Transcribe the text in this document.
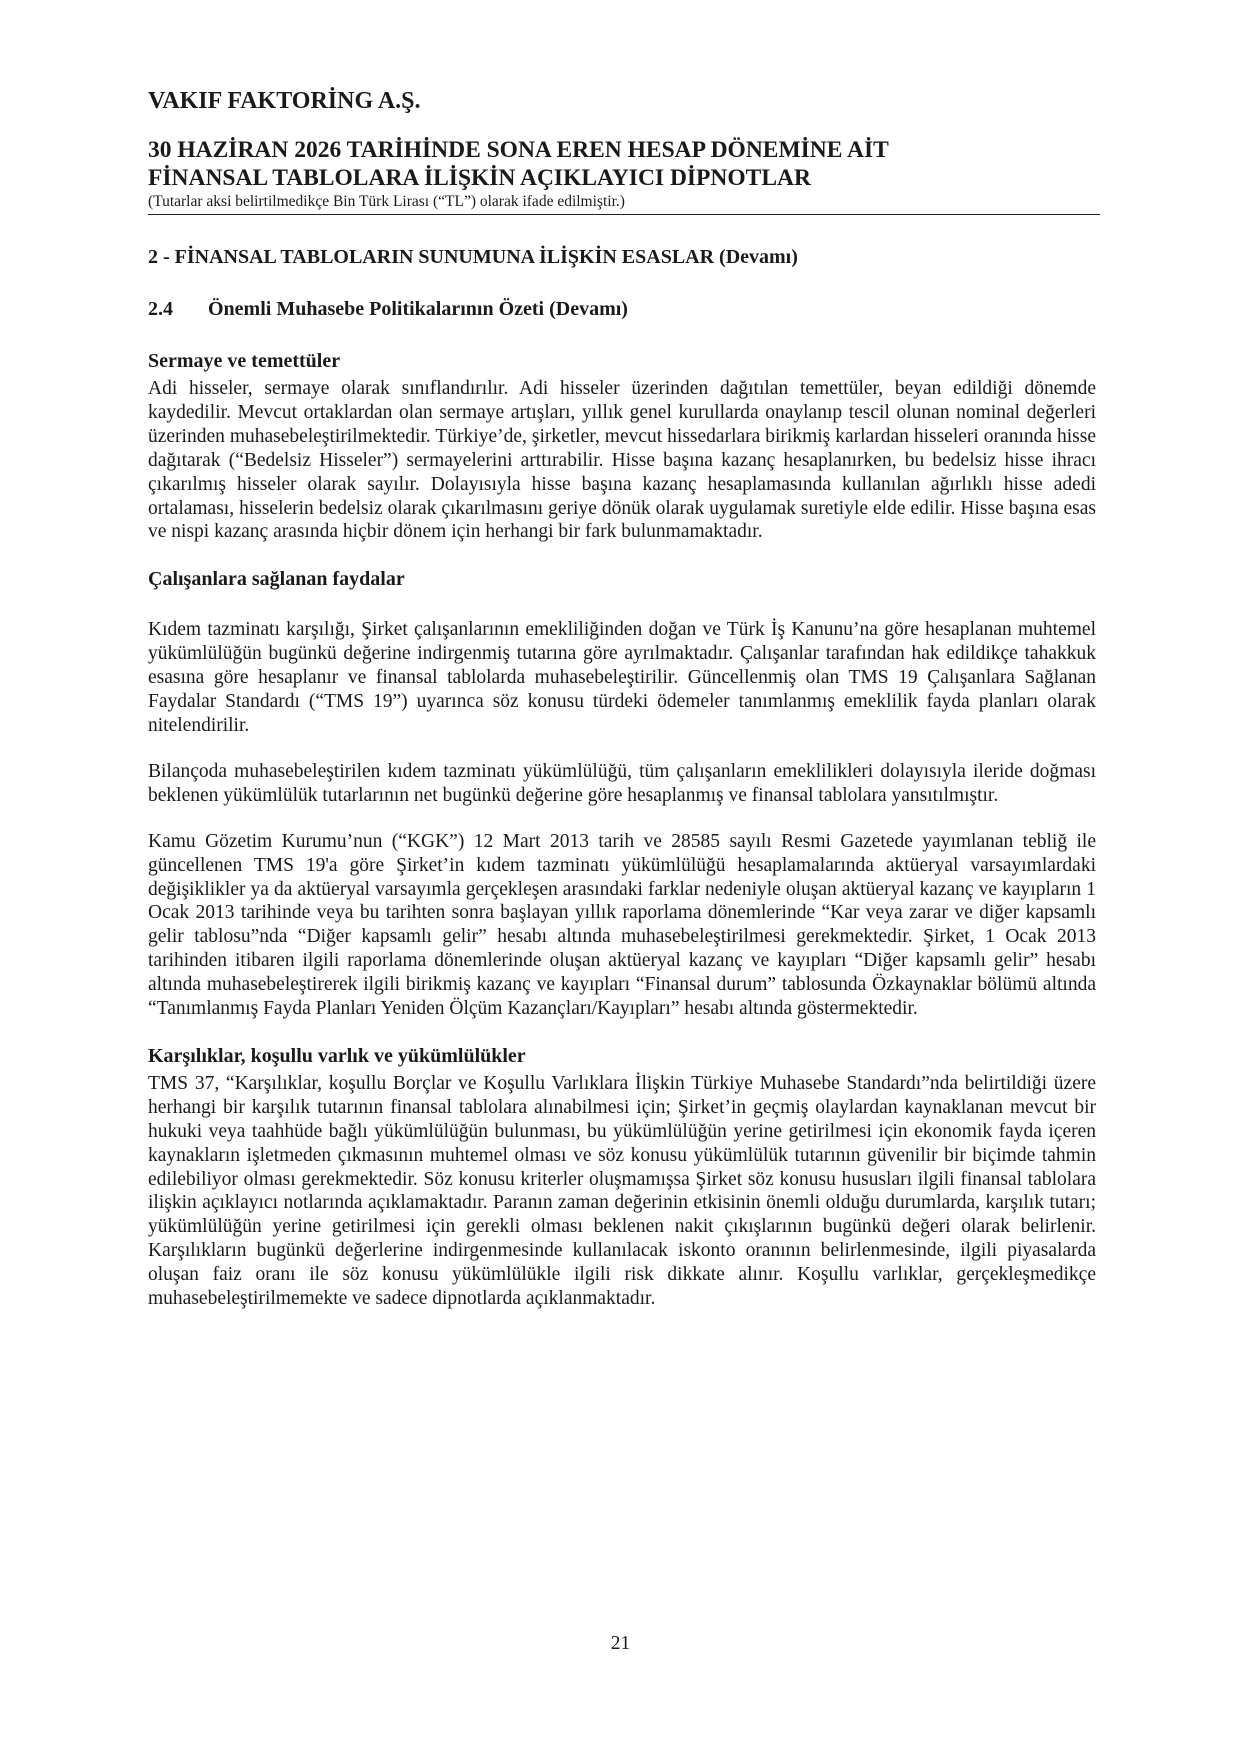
VAKIF FAKTORİNG A.Ş.
30 HAZİRAN 2026 TARİHİNDE SONA EREN HESAP DÖNEMİNE AİT
FİNANSAL TABLOLARA İLİŞKİN AÇIKLAYICI DİPNOTLAR
(Tutarlar aksi belirtilmedikçe Bin Türk Lirası (“TL”) olarak ifade edilmiştir.)
2 - FİNANSAL TABLOLARIN SUNUMUNA İLİŞKİN ESASLAR (Devamı)
2.4 Önemli Muhasebe Politikalarının Özeti (Devamı)
Sermaye ve temettüler

Adi hisseler, sermaye olarak sınıflandırılır. Adi hisseler üzerinden dağıtılan temettüler, beyan edildiği dönemde kaydedilir. Mevcut ortaklardan olan sermaye artışları, yıllık genel kurullarda onaylanıp tescil olunan nominal değerleri üzerinden muhasebeleştirilmektedir. Türkiye’de, şirketler, mevcut hissedarlara birikmiş karlardan hisseleri oranında hisse dağıtarak (“Bedelsiz Hisseler”) sermayelerini arttırabilir. Hisse başına kazanç hesaplanırken, bu bedelsiz hisse ihracı çıkarılmış hisseler olarak sayılır. Dolayısıyla hisse başına kazanç hesaplamasında kullanılan ağırlıklı hisse adedi ortalaması, hisselerin bedelsiz olarak çıkarılmasını geriye dönük olarak uygulamak suretiyle elde edilir. Hisse başına esas ve nispi kazanç arasında hiçbir dönem için herhangi bir fark bulunmamaktadır.

Çalışanlara sağlanan faydalar

Kıdem tazminatı karşılığı, Şirket çalışanlarının emekliliğinden doğan ve Türk İş Kanunu’na göre hesaplanan muhtemel yükümlülüğün bugünkü değerine indirgenmiş tutarına göre ayrılmaktadır. Çalışanlar tarafından hak edildikçe tahakkuk esasına göre hesaplanır ve finansal tablolarda muhasebeleştirilir. Güncellenmiş olan TMS 19 Çalışanlara Sağlanan Faydalar Standardı (“TMS 19”) uyarınca söz konusu türdeki ödemeler tanımlanmış emeklilik fayda planları olarak nitelendirilir.

Bilançoda muhasebeleştirilen kıdem tazminatı yükümlülüğü, tüm çalışanların emeklilikleri dolayısıyla ileride doğması beklenen yükümlülük tutarlarının net bugünkü değerine göre hesaplanmış ve finansal tablolara yansıtılmıştır.

Kamu Gözetim Kurumu’nun (“KGK”) 12 Mart 2013 tarih ve 28585 sayılı Resmi Gazetede yayımlanan tebliğ ile güncellenen TMS 19'a göre Şirket’in kıdem tazminatı yükümlülüğü hesaplamalarında aktüeryal varsayımlardaki değişiklikler ya da aktüeryal varsayımla gerçekleşen arasındaki farklar nedeniyle oluşan aktüeryal kazanç ve kayıpların 1 Ocak 2013 tarihinde veya bu tarihten sonra başlayan yıllık raporlama dönemlerinde “Kar veya zarar ve diğer kapsamlı gelir tablosu”nda “Diğer kapsamlı gelir” hesabı altında muhasebeleştirilmesi gerekmektedir. Şirket, 1 Ocak 2013 tarihinden itibaren ilgili raporlama dönemlerinde oluşan aktüeryal kazanç ve kayıpları “Diğer kapsamlı gelir” hesabı altında muhasebeleştirerek ilgili birikmiş kazanç ve kayıpları “Finansal durum” tablosunda Özkaynaklar bölümü altında “Tanımlanmış Fayda Planları Yeniden Ölçüm Kazançları/Kayıpları” hesabı altında göstermektedir.

Karşılıklar, koşullu varlık ve yükümlülükler

TMS 37, “Karşılıklar, koşullu Borçlar ve Koşullu Varlıklara İlişkin Türkiye Muhasebe Standardı”nda belirtildiği üzere herhangi bir karşılık tutarının finansal tablolara alınabilmesi için; Şirket’in geçmiş olaylardan kaynaklanan mevcut bir hukuki veya taahhüde bağlı yükümlülüğün bulunması, bu yükümlülüğün yerine getirilmesi için ekonomik fayda içeren kaynakların işletmeden çıkmasının muhtemel olması ve söz konusu yükümlülük tutarının güvenilir bir biçimde tahmin edilebiliyor olması gerekmektedir. Söz konusu kriterler oluşmamışsa Şirket söz konusu hususları ilgili finansal tablolara ilişkin açıklayıcı notlarında açıklamaktadır. Paranın zaman değerinin etkisinin önemli olduğu durumlarda, karşılık tutarı; yükümlülüğün yerine getirilmesi için gerekli olması beklenen nakit çıkışlarının bugünkü değeri olarak belirlenir. Karşılıkların bugünkü değerlerine indirgenmesinde kullanılacak iskonto oranının belirlenmesinde, ilgili piyasalarda oluşan faiz oranı ile söz konusu yükümlülükle ilgili risk dikkate alınır. Koşullu varlıklar, gerçekleşmedikçe muhasebeleştirilmemekte ve sadece dipnotlarda açıklanmaktadır.

21
